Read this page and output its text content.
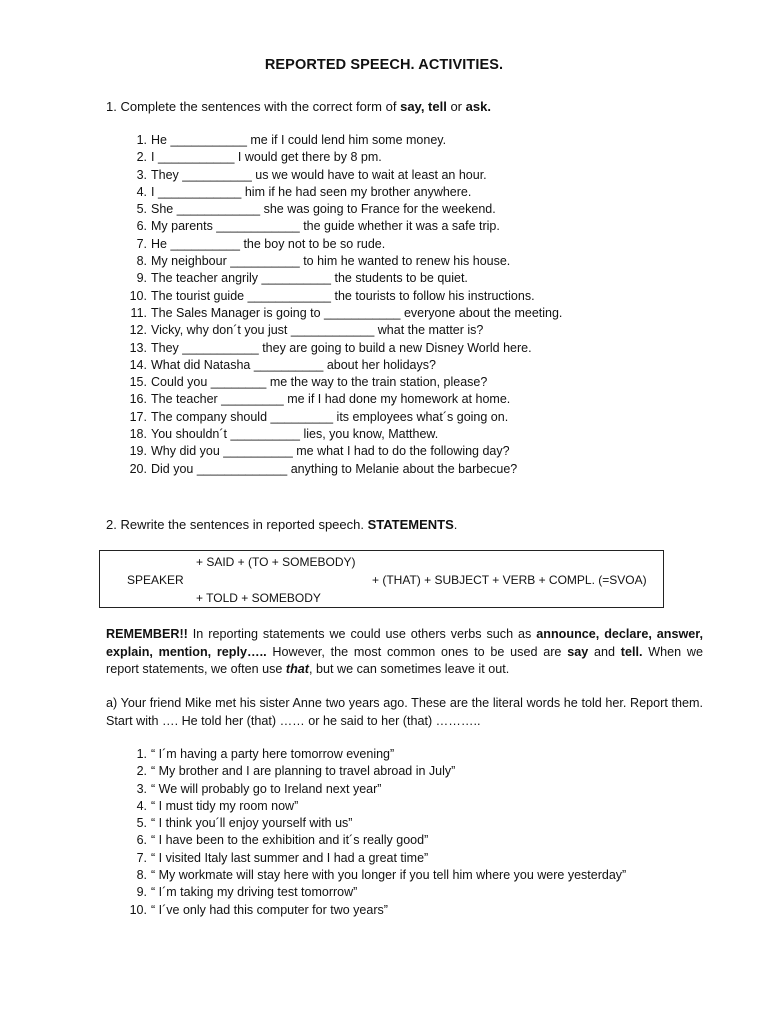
REPORTED SPEECH. ACTIVITIES.
1. Complete the sentences with the correct form of say, tell or ask.
1. He ___________ me if I could lend him some money.
2. I ___________ I would get there by 8 pm.
3. They __________ us we would have to wait at least an hour.
4. I ____________ him if he had seen my brother anywhere.
5. She ____________ she was going to France for the weekend.
6. My parents ____________ the guide whether it was a safe trip.
7. He __________ the boy not to be so rude.
8. My neighbour __________ to him he wanted to renew his house.
9. The teacher angrily __________ the students to be quiet.
10. The tourist guide ____________ the tourists to follow his instructions.
11. The Sales Manager is going to ___________ everyone about the meeting.
12. Vicky, why don´t you just ____________ what the matter is?
13. They ___________ they are going to build a new Disney World here.
14. What did Natasha __________ about her holidays?
15. Could you ________ me the way to the train station, please?
16. The teacher _________ me if I had done my homework at home.
17. The company should _________ its employees what´s going on.
18. You shouldn´t __________ lies, you know, Matthew.
19. Why did you __________ me what I had to do the following day?
20. Did you _____________ anything to Melanie about the barbecue?
2. Rewrite the sentences in reported speech. STATEMENTS.
+ SAID + (TO + SOMEBODY)
SPEAKER	+ (THAT) + SUBJECT + VERB + COMPL. (=SVOA)
+ TOLD + SOMEBODY
REMEMBER!! In reporting statements we could use others verbs such as announce, declare, answer, explain, mention, reply….. However, the most common ones to be used are say and tell. When we report statements, we often use that, but we can sometimes leave it out.
a) Your friend Mike met his sister Anne two years ago. These are the literal words he told her. Report them. Start with …. He told her (that) …… or he said to her (that) ………..
1. “ I´m having a party here tomorrow evening”
2. “ My brother and I are planning to travel abroad in July”
3. “ We will probably go to Ireland next year”
4. “ I must tidy my room now”
5. “ I think you´ll enjoy yourself with us”
6. “ I have been to the exhibition and it´s really good”
7. “ I visited Italy last summer and I had a great time”
8. “ My workmate will stay here with you longer if you tell him where you were yesterday”
9. “ I´m taking my driving test tomorrow”
10. “ I´ve only had this computer for two years”
